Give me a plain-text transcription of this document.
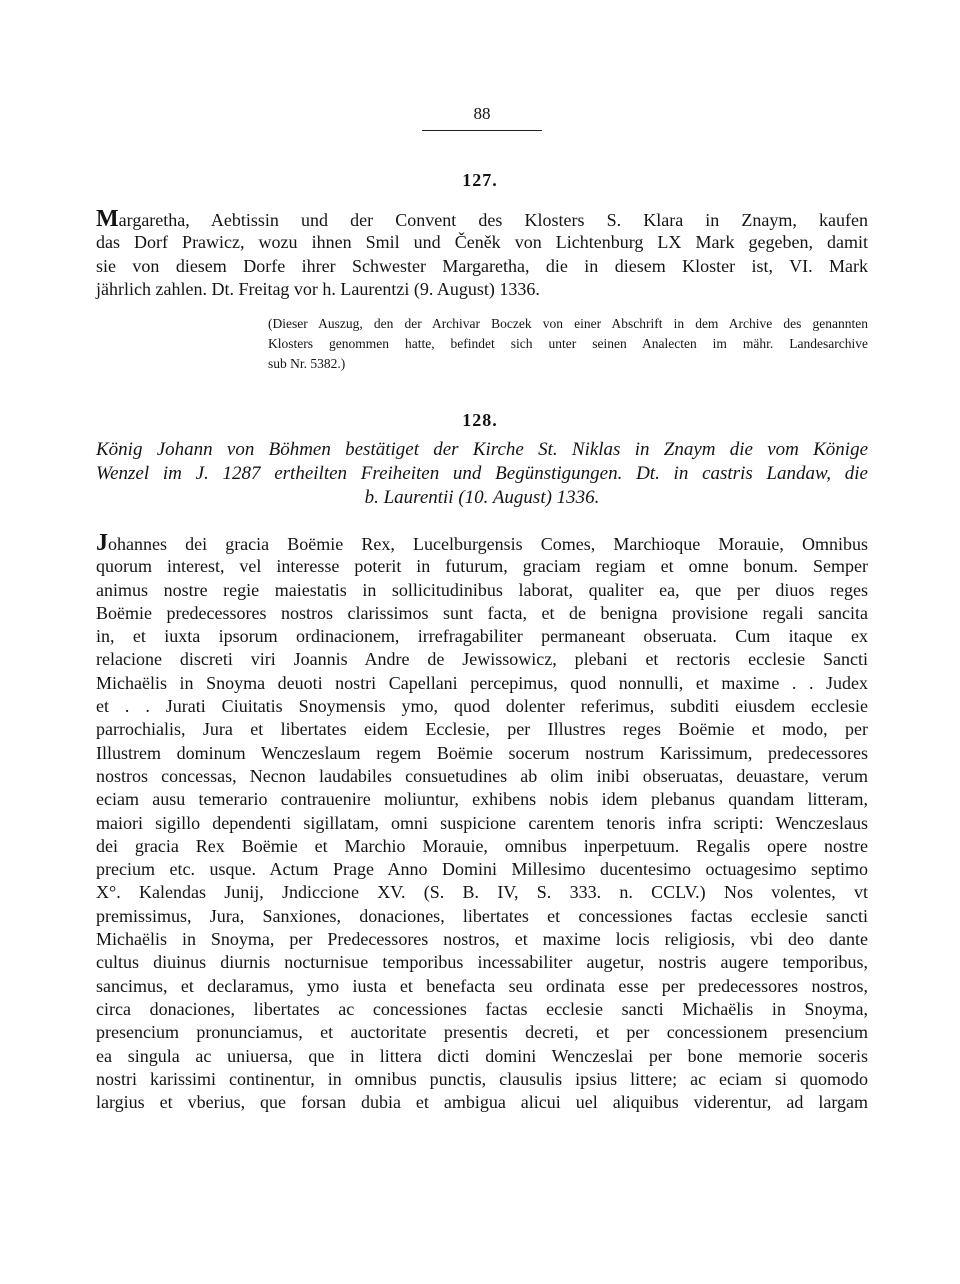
88
127.
Margaretha, Aebtissin und der Convent des Klosters S. Klara in Znaym, kaufen
das Dorf Prawicz, wozu ihnen Smil und Čeněk von Lichtenburg LX Mark gegeben, damit
sie von diesem Dorfe ihrer Schwester Margaretha, die in diesem Kloster ist, VI. Mark
jährlich zahlen. Dt. Freitag vor h. Laurentzi (9. August) 1336.
(Dieser Auszug, den der Archivar Boczek von einer Abschrift in dem Archive des genannten
Klosters genommen hatte, befindet sich unter seinen Analecten im mähr. Landesarchive
sub Nr. 5382.)
128.
König Johann von Böhmen bestätiget der Kirche St. Niklas in Znaym die vom Könige
Wenzel im J. 1287 ertheilten Freiheiten und Begünstigungen. Dt. in castris Landaw, die
b. Laurentii (10. August) 1336.
Johannes dei gracia Boëmie Rex, Lucelburgensis Comes, Marchioque Morauie, Omnibus
quorum interest, vel interesse poterit in futurum, graciam regiam et omne bonum. Semper
animus nostre regie maiestatis in sollicitudinibus laborat, qualiter ea, que per diuos reges
Boëmie predecessores nostros clarissimos sunt facta, et de benigna provisione regali sancita
in, et iuxta ipsorum ordinacionem, irrefragabiliter permaneant obseruata. Cum itaque ex
relacione discreti viri Joannis Andre de Jewissowicz, plebani et rectoris ecclesie Sancti
Michaëlis in Snoyma deuoti nostri Capellani percepimus, quod nonnulli, et maxime . . Judex
et . . Jurati Ciuitatis Snoymensis ymo, quod dolenter referimus, subditi eiusdem ecclesie
parrochialis, Jura et libertates eidem Ecclesie, per Illustres reges Boëmie et modo, per
Illustrem dominum Wenczeslaum regem Boëmie socerum nostrum Karissimum, predecessores
nostros concessas, Necnon laudabiles consuetudines ab olim inibi obseruatas, deuastare, verum
eciam ausu temerario contrauenire moliuntur, exhibens nobis idem plebanus quandam litteram,
maiori sigillo dependenti sigillatam, omni suspicione carentem tenoris infra scripti: Wenczeslaus
dei gracia Rex Boëmie et Marchio Morauie, omnibus inperpetuum. Regalis opere nostre
precium etc. usque. Actum Prage Anno Domini Millesimo ducentesimo octuagesimo septimo
X°. Kalendas Junij, Jndiccione XV. (S. B. IV, S. 333. n. CCLV.) Nos volentes, vt
premissimus, Jura, Sanxiones, donaciones, libertates et concessiones factas ecclesie sancti
Michaëlis in Snoyma, per Predecessores nostros, et maxime locis religiosis, vbi deo dante
cultus diuinus diurnis nocturnisue temporibus incessabiliter augetur, nostris augere temporibus,
sancimus, et declaramus, ymo iusta et benefacta seu ordinata esse per predecessores nostros,
circa donaciones, libertates ac concessiones factas ecclesie sancti Michaëlis in Snoyma,
presencium pronunciamus, et auctoritate presentis decreti, et per concessionem presencium
ea singula ac uniuersa, que in littera dicti domini Wenczeslai per bone memorie soceris
nostri karissimi continentur, in omnibus punctis, clausulis ipsius littere; ac eciam si quomodo
largius et vberius, que forsan dubia et ambigua alicui uel aliquibus viderentur, ad largam
